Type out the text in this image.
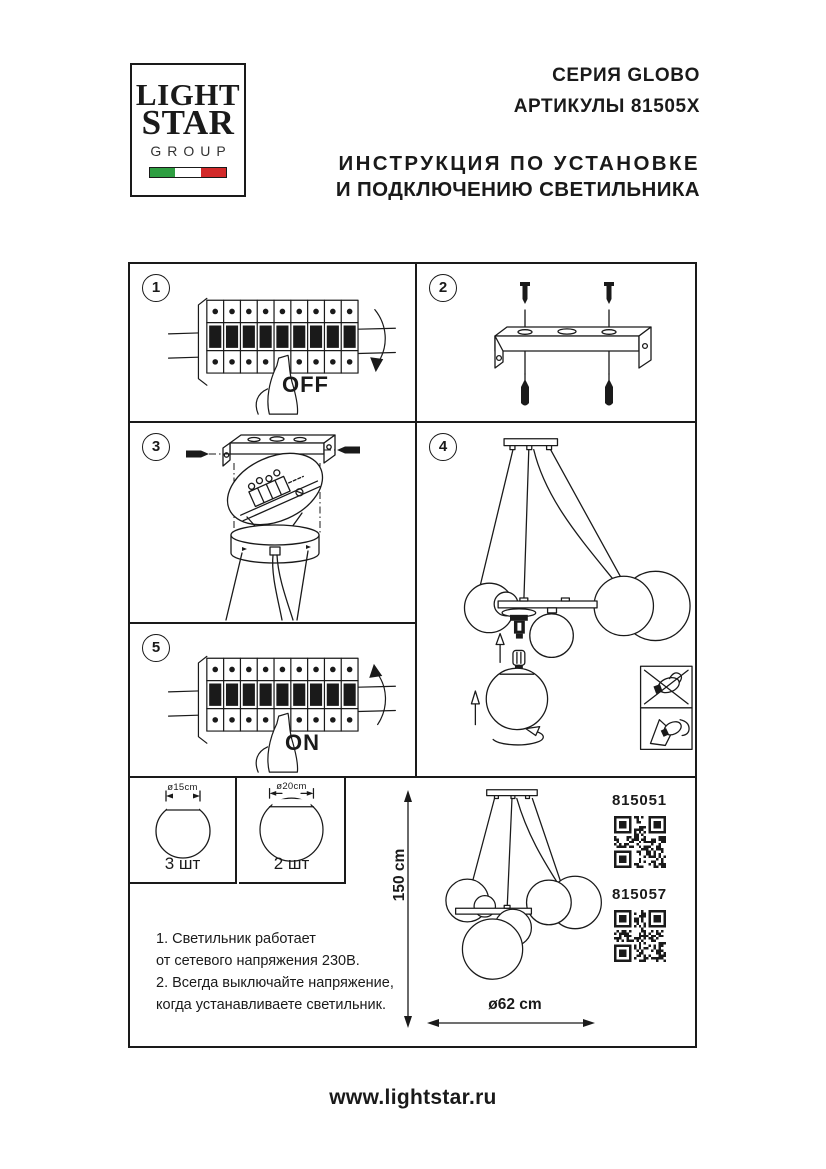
LIGHT
STAR
GROUP
СЕРИЯ GLOBO
АРТИКУЛЫ 81505X
ИНСТРУКЦИЯ ПО УСТАНОВКЕ
И ПОДКЛЮЧЕНИЮ СВЕТИЛЬНИКА
1
OFF
2
3	4
5
ON
ø15cm
3 шт
ø20cm
2 шт
1. Светильник работает
от сетевого напряжения 230В.
2. Всегда выключайте напряжение,
когда устанавливаете светильник.
150 cm
ø62 cm
815051
815057
www.lightstar.ru
